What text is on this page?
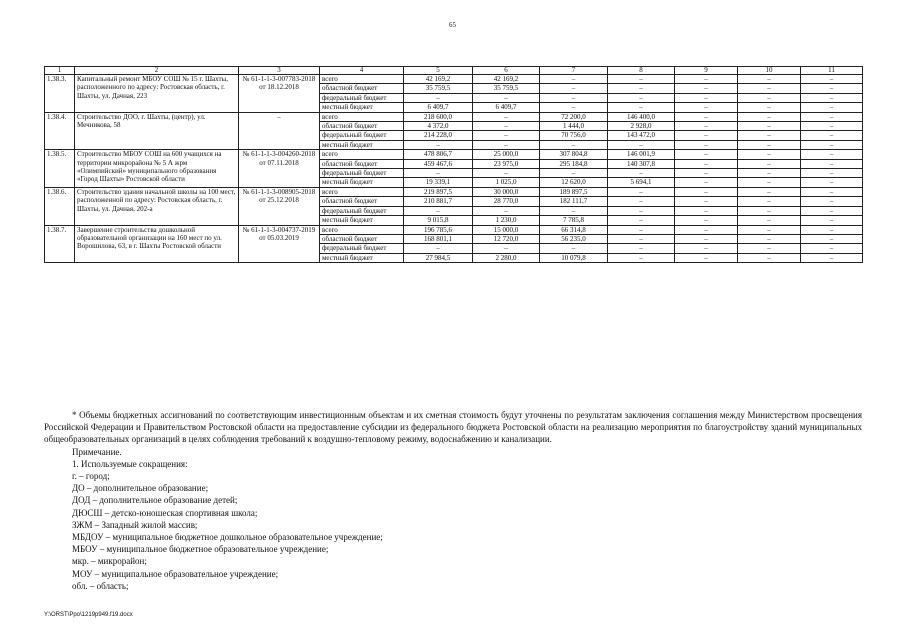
65
1	2	3	4	5	6	7	8	9	10	11
1.38.3.	Капитальный ремонт МБОУ СОШ № 15 г. Шахты, расположенного по адресу: Ростовская область, г. Шахты, ул. Дачная, 223	№ 61-1-1-3-007783-2018 от 18.12.2018	всего	42 169,2	42 169,2	–	–	–	–	–
			областной бюджет	35 759,5	35 759,5	–	–	–	–	–
			федеральный бюджет	–	–	–	–	–	–	–
			местный бюджет	6 409,7	6 409,7	–	–	–	–	–
1.38.4.	Строительство ДОО, г. Шахты, (центр), ул. Мечникова, 58	–	всего	218 600,0	–	72 200,0	146 400,0	–	–	–
			областной бюджет	4 372,0	–	1 444,0	2 928,0	–	–	–
			федеральный бюджет	214 228,0	–	70 756,0	143 472,0	–	–	–
			местный бюджет	–	–	–	–	–	–	–
1.38.5.	Строительство МБОУ СОШ на 600 учащихся на территории микрорайона № 5 А жрм «Олимпийский» муниципального образования «Город Шахты» Ростовской области	№ 61-1-1-3-004260-2018 от 07.11.2018	всего	478 806,7	25 000,0	307 804,8	146 001,9	–	–	–
			областной бюджет	459 467,6	23 975,0	295 184,8	140 307,8	–	–	–
			федеральный бюджет	–	–	–	–	–	–	–
			местный бюджет	19 339,1	1 025,0	12 620,0	5 694,1	–	–	–
1.38.6.	Строительство здания начальной школы на 100 мест, расположенной по адресу: Ростовская область, г. Шахты, ул. Дачная, 202-а	№ 61-1-1-3-008905-2018 от 25.12.2018	всего	219 897,5	30 000,0	189 897,5	–	–	–	–
			областной бюджет	210 881,7	28 770,0	182 111,7	–	–	–	–
			федеральный бюджет	–	–	–	–	–	–	–
			местный бюджет	9 015,8	1 230,0	7 785,8	–	–	–	–
1.38.7.	Завершение строительства дошкольной образовательной организации на 160 мест по ул. Ворошилова, 63, в г. Шахты Ростовской области	№ 61-1-1-3-004737-2019 от 05.03.2019	всего	196 785,6	15 000,0	66 314,8	–	–	–	–
			областной бюджет	168 801,1	12 720,0	56 235,0	–	–	–	–
			федеральный бюджет	–	–	–	–	–	–	–
			местный бюджет	27 984,5	2 280,0	10 079,8	–	–	–	–

* Объемы бюджетных ассигнований по соответствующим инвестиционным объектам и их сметная стоимость будут уточнены по результатам заключения соглашения между Министерством просвещения Российской Федерации и Правительством Ростовской области на предоставление субсидии из федерального бюджета Ростовской области на реализацию мероприятия по благоустройству зданий муниципальных общеобразовательных организаций в целях соблюдения требований к воздушно-тепловому режиму, водоснабжению и канализации.

Примечание.

1. Используемые сокращения:

г. – город;

ДО – дополнительное образование;

ДОД – дополнительное образование детей;

ДЮСШ – детско-юношеская спортивная школа;

ЗЖМ – Западный жилой массив;

МБДОУ – муниципальное бюджетное дошкольное образовательное учреждение;

МБОУ – муниципальное бюджетное образовательное учреждение;

мкр. – микрорайон;

МОУ – муниципальное образовательное учреждение;

обл. – область;

Y:\ORST\Ppo\1219p949.f19.docx
